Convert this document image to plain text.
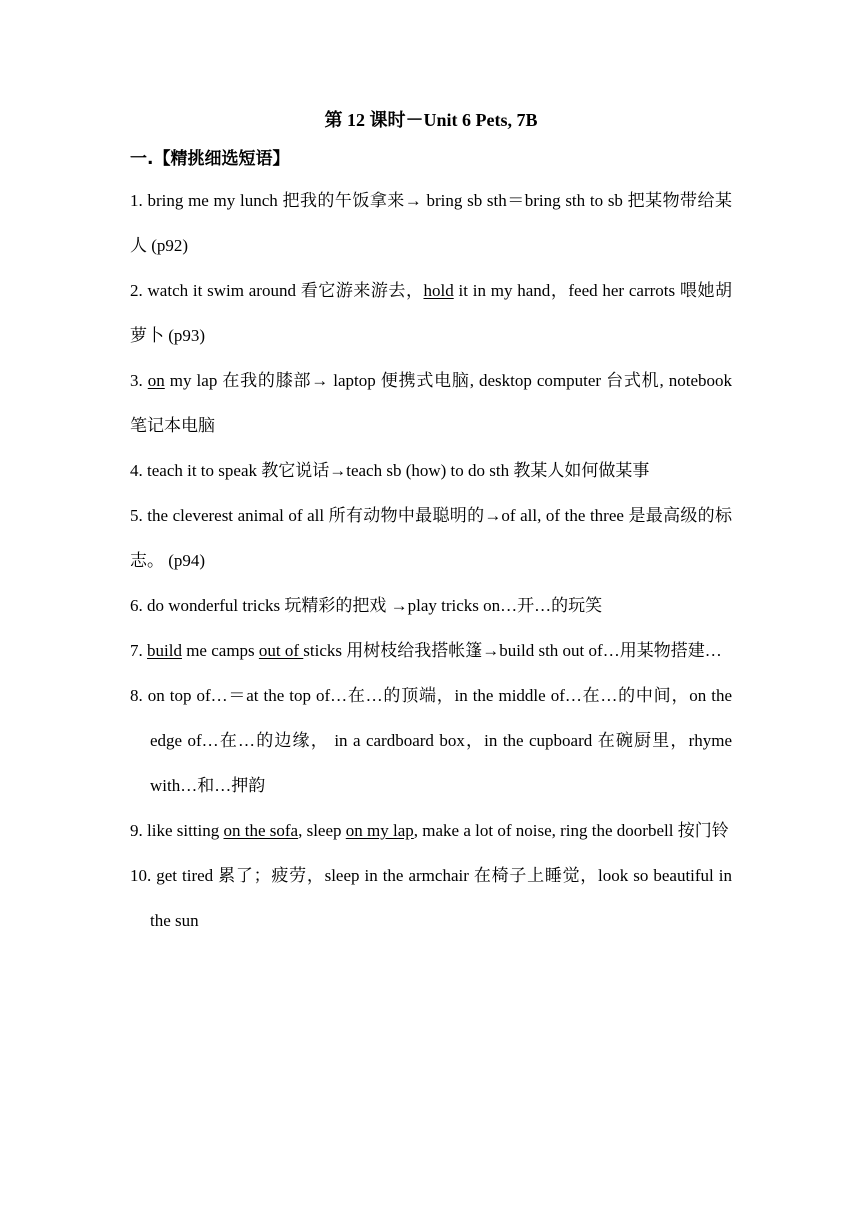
第 12 课时－Unit 6 Pets, 7B
一.【精挑细选短语】

1. bring me my lunch 把我的午饭拿来→ bring sb sth＝bring sth to sb 把某物带给某人 (p92)

2. watch it swim around 看它游来游去，hold it in my hand，feed her carrots 喂她胡萝卜 (p93)

3. on my lap 在我的膝部→ laptop 便携式电脑, desktop computer 台式机, notebook 笔记本电脑

4. teach it to speak 教它说话→teach sb (how) to do sth 教某人如何做某事

5. the cleverest animal of all 所有动物中最聪明的→of all, of the three 是最高级的标志。 (p94)

6. do wonderful tricks 玩精彩的把戏 →play tricks on…开…的玩笑

7. build me camps out of sticks 用树枝给我搭帐篷→build sth out of…用某物搭建…

8. on top of…＝at the top of…在…的顶端，in the middle of…在…的中间，on the edge of…在…的边缘， in a cardboard box，in the cupboard 在碗厨里，rhyme with…和…押韵

9. like sitting on the sofa, sleep on my lap, make a lot of noise, ring the doorbell 按门铃

10. get tired 累了；疲劳，sleep in the armchair 在椅子上睡觉，look so beautiful in the sun
